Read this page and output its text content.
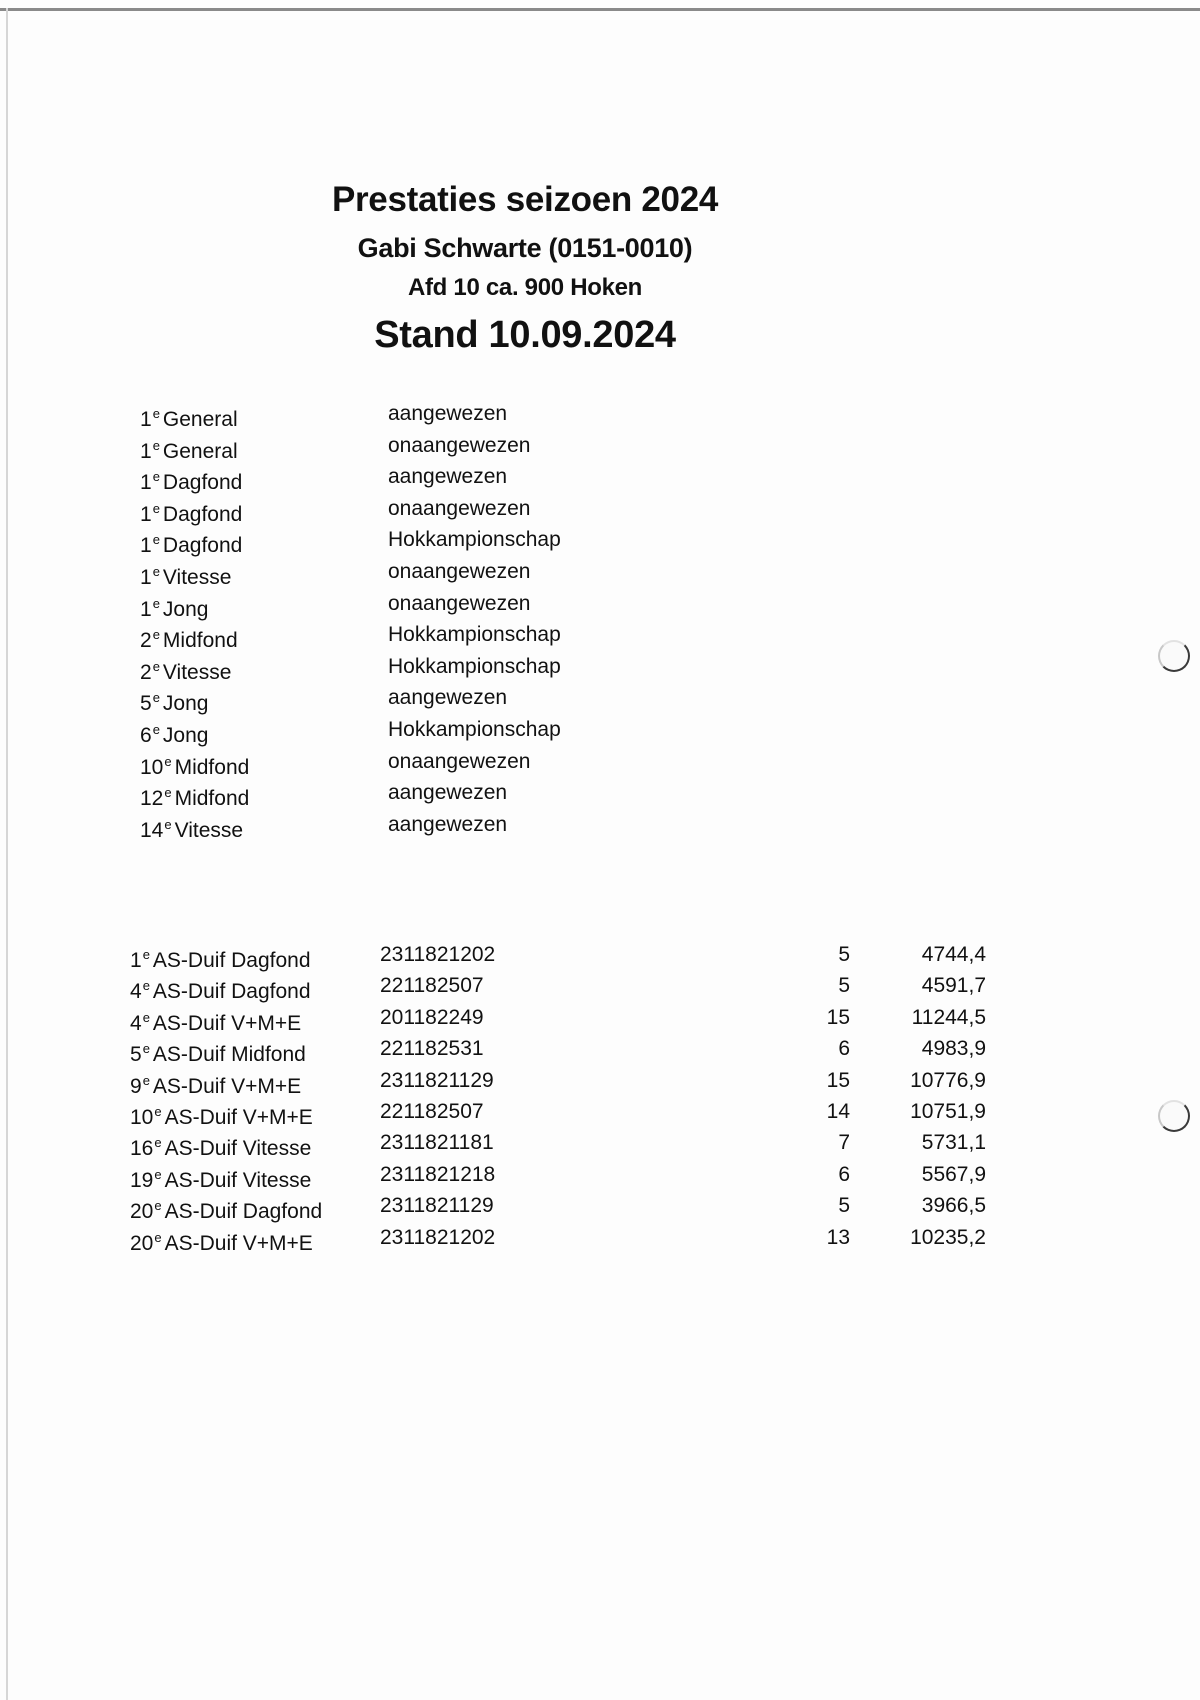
Prestaties seizoen 2024
Gabi Schwarte (0151-0010)
Afd 10 ca. 900 Hoken
Stand 10.09.2024
1e General	aangewezen
1e General	onaangewezen
1e Dagfond	aangewezen
1e Dagfond	onaangewezen
1e Dagfond	Hokkampionschap
1e Vitesse	onaangewezen
1e Jong	onaangewezen
2e Midfond	Hokkampionschap
2e Vitesse	Hokkampionschap
5e Jong	aangewezen
6e Jong	Hokkampionschap
10e Midfond	onaangewezen
12e Midfond	aangewezen
14e Vitesse	aangewezen
1e AS-Duif Dagfond	2311821202	5	4744,4
4e AS-Duif Dagfond	221182507	5	4591,7
4e AS-Duif V+M+E	201182249	15	11244,5
5e AS-Duif Midfond	221182531	6	4983,9
9e AS-Duif V+M+E	2311821129	15	10776,9
10e AS-Duif V+M+E	221182507	14	10751,9
16e AS-Duif Vitesse	2311821181	7	5731,1
19e AS-Duif Vitesse	2311821218	6	5567,9
20e AS-Duif Dagfond	2311821129	5	3966,5
20e AS-Duif V+M+E	2311821202	13	10235,2
